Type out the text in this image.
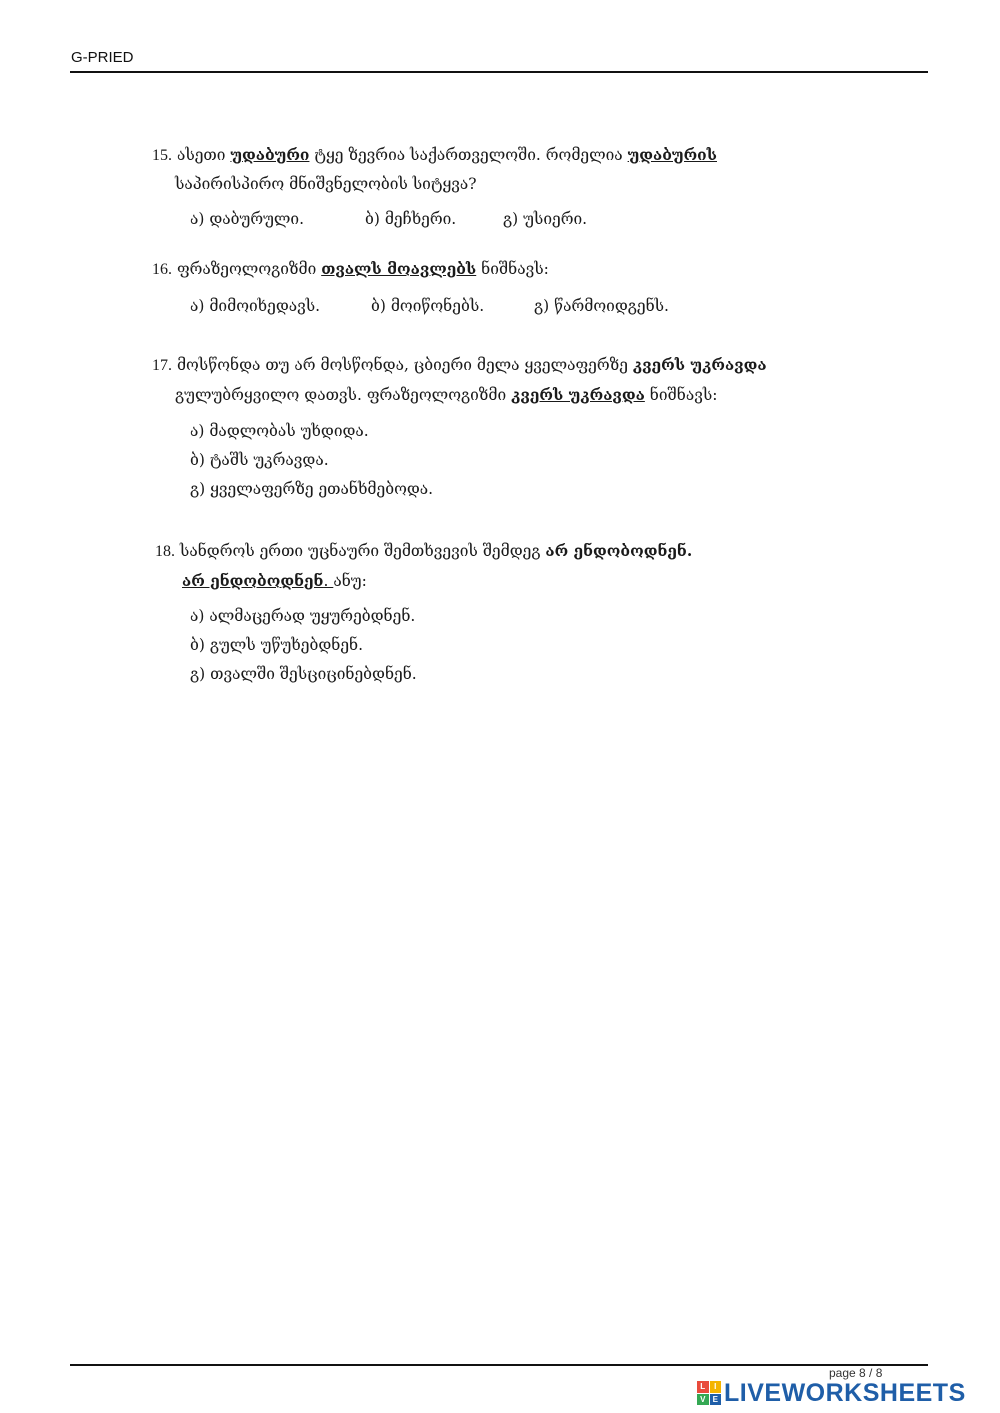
G-PRIED
15. ასეთი უდაბური ტყე ზევრია საქართველოში. რომელია უდაბურის
საპირისპირო მნიშვნელობის სიტყვა?
ა) დაბურული.	ბ) მეჩხერი.	გ) უსიერი.
16. ფრაზეოლოგიზმი თვალს მოავლებს ნიშნავს:
ა) მიმოიხედავს.	ბ) მოიწონებს.	გ) წარმოიდგენს.
17. მოსწონდა თუ არ მოსწონდა, ცბიერი მელა ყველაფერზე კვერს უკრავდა
გულუბრყვილო დათვს. ფრაზეოლოგიზმი კვერს უკრავდა ნიშნავს:
ა) მადლობას უხდიდა.
ბ) ტაშს უკრავდა.
გ) ყველაფერზე ეთანხმებოდა.
18. სანდროს ერთი უცნაური შემთხვევის შემდეგ არ ენდობოდნენ.
არ ენდობოდნენ. ანუ:
ა) ალმაცერად უყურებდნენ.
ბ) გულს უწუხებდნენ.
გ) თვალში შესციცინებდნენ.
page 8 / 8
L	I
V E LIVEWORKSHEETS
